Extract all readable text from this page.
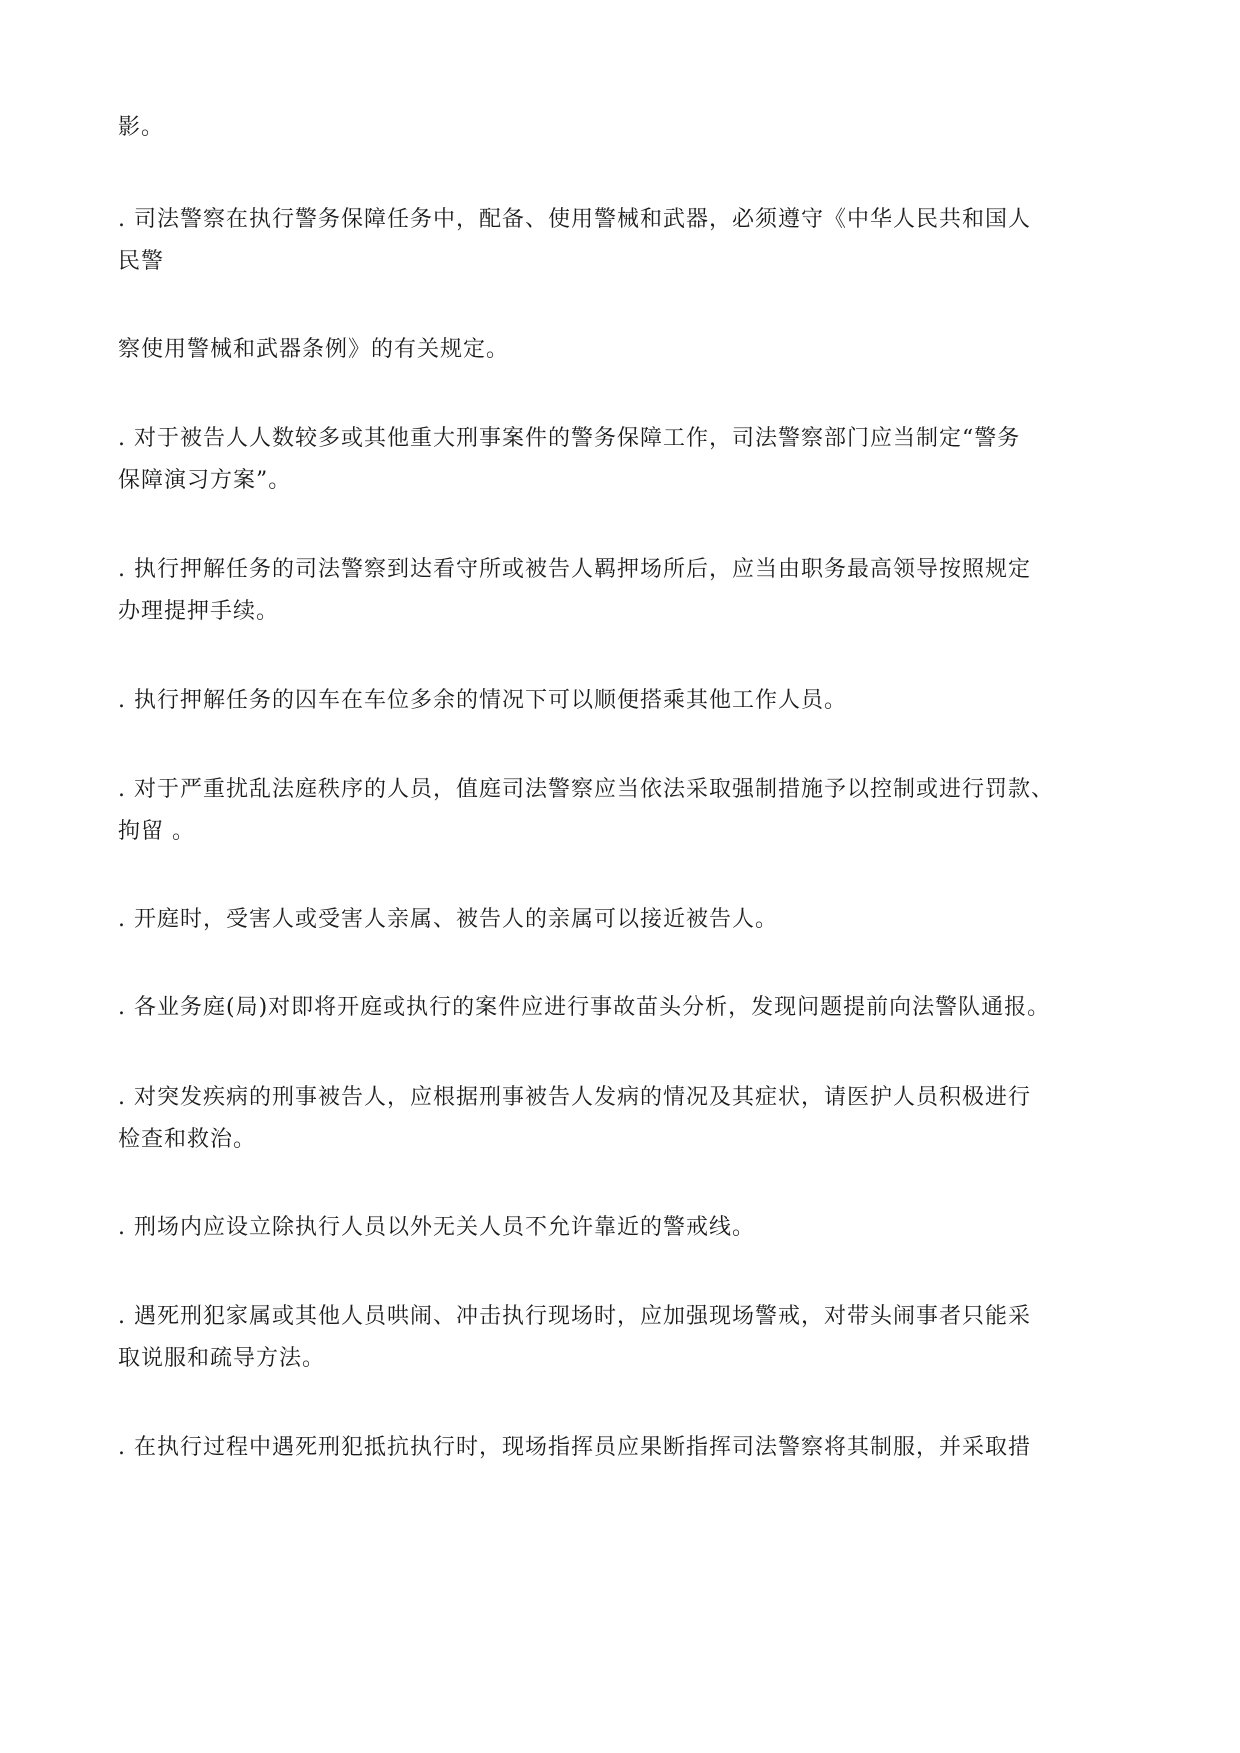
影。
. 司法警察在执行警务保障任务中，配备、使用警械和武器，必须遵守《中华人民共和国人
民警
察使用警械和武器条例》的有关规定。
. 对于被告人人数较多或其他重大刑事案件的警务保障工作，司法警察部门应当制定“警务
保障演习方案”。
. 执行押解任务的司法警察到达看守所或被告人羁押场所后，应当由职务最高领导按照规定
办理提押手续。
. 执行押解任务的囚车在车位多余的情况下可以顺便搭乘其他工作人员。
. 对于严重扰乱法庭秩序的人员，值庭司法警察应当依法采取强制措施予以控制或进行罚款、
拘留 。
. 开庭时，受害人或受害人亲属、被告人的亲属可以接近被告人。
. 各业务庭(局)对即将开庭或执行的案件应进行事故苗头分析，发现问题提前向法警队通报。
. 对突发疾病的刑事被告人，应根据刑事被告人发病的情况及其症状，请医护人员积极进行
检查和救治。
. 刑场内应设立除执行人员以外无关人员不允许靠近的警戒线。
. 遇死刑犯家属或其他人员哄闹、冲击执行现场时，应加强现场警戒，对带头闹事者只能采
取说服和疏导方法。
. 在执行过程中遇死刑犯抵抗执行时，现场指挥员应果断指挥司法警察将其制服，并采取措
